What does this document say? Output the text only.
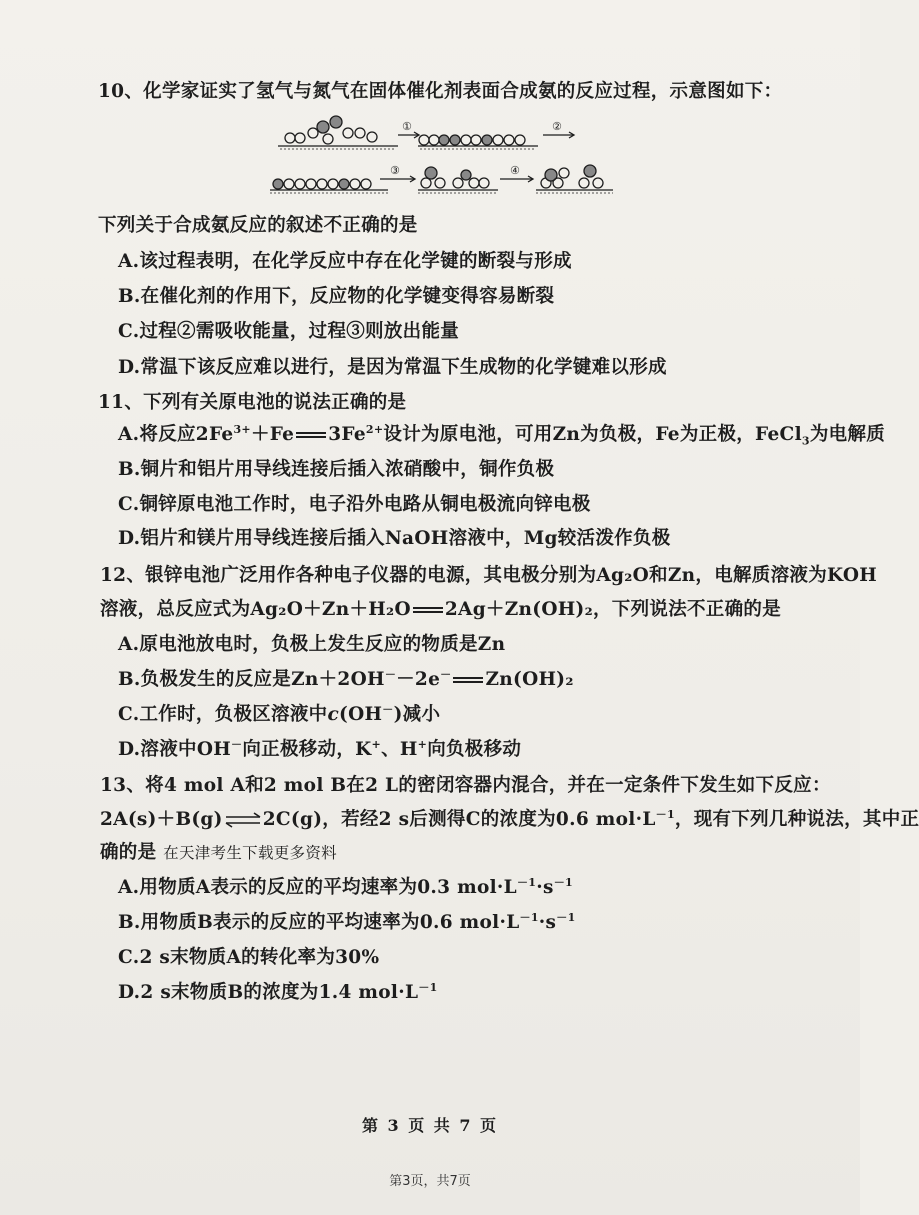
10、化学家证实了氢气与氮气在固体催化剂表面合成氨的反应过程，示意图如下：
①	②
③	④
下列关于合成氨反应的叙述不正确的是
A.该过程表明，在化学反应中存在化学键的断裂与形成
B.在催化剂的作用下，反应物的化学键变得容易断裂
C.过程②需吸收能量，过程③则放出能量
D.常温下该反应难以进行，是因为常温下生成物的化学键难以形成
11、下列有关原电池的说法正确的是
A.将反应$2Fe^{3+}+Fe$ $3Fe^{2+}$设计为原电池，可用Zn为负极，Fe为正极，FeCl$_3$为电解质
B.铜片和铝片用导线连接后插入浓硝酸中，铜作负极
C.铜锌原电池工作时，电子沿外电路从铜电极流向锌电极
D.铝片和镁片用导线连接后插入NaOH溶液中，Mg较活泼作负极
12、银锌电池广泛用作各种电子仪器的电源，其电极分别为Ag₂O和Zn，电解质溶液为KOH
溶液，总反应式为Ag₂O＋Zn＋H₂O 2Ag＋Zn(OH)₂，下列说法不正确的是
A.原电池放电时，负极上发生反应的物质是Zn
B.负极发生的反应是Zn＋2OH－－2e－ Zn(OH)₂
C.工作时，负极区溶液中c(OH－)减小
D.溶液中OH－向正极移动，K+、H+向负极移动
13、将4 mol A和2 mol B在2 L的密闭容器内混合，并在一定条件下发生如下反应：
2A(s)＋B(g)⇌2C(g)，若经2 s后测得C的浓度为0.6 $mol\cdot L^{-1}$，现有下列几种说法，其中正
确的是 在天津考生下载更多资料
A.用物质A表示的反应的平均速率为0.3 $mol\cdot L^{-1}\cdot s^{-1}$
B.用物质B表示的反应的平均速率为0.6 $mol\cdot L^{-1}\cdot s^{-1}$
C.2 s末物质A的转化率为30%
D.2 s末物质B的浓度为1.4 $mol\cdot L^{-1}$
第 3 页 共 7 页
第3页，共7页
